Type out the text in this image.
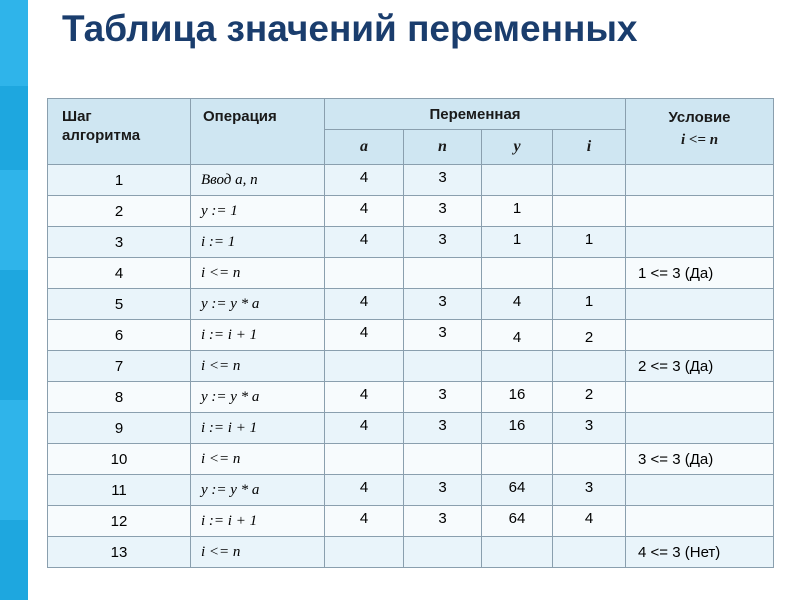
Таблица значений переменных
Шаг
алгоритма	Операция	Переменная				Условие
i <= n
		a	n	y	i	
1	Ввод a, n	4	3			
2	y := 1	4	3	1		
3	i := 1	4	3	1	1	
4	i <= n					1 <= 3 (Да)
5	y := y * a	4	3	4	1	
6	i := i + 1	4	3	4	2	
7	i <= n					2 <= 3 (Да)
8	y := y * a	4	3	16	2	
9	i := i + 1	4	3	16	3	
10	i <= n					3 <= 3 (Да)
11	y := y * a	4	3	64	3	
12	i := i + 1	4	3	64	4	
13	i <= n					4 <= 3 (Нет)
